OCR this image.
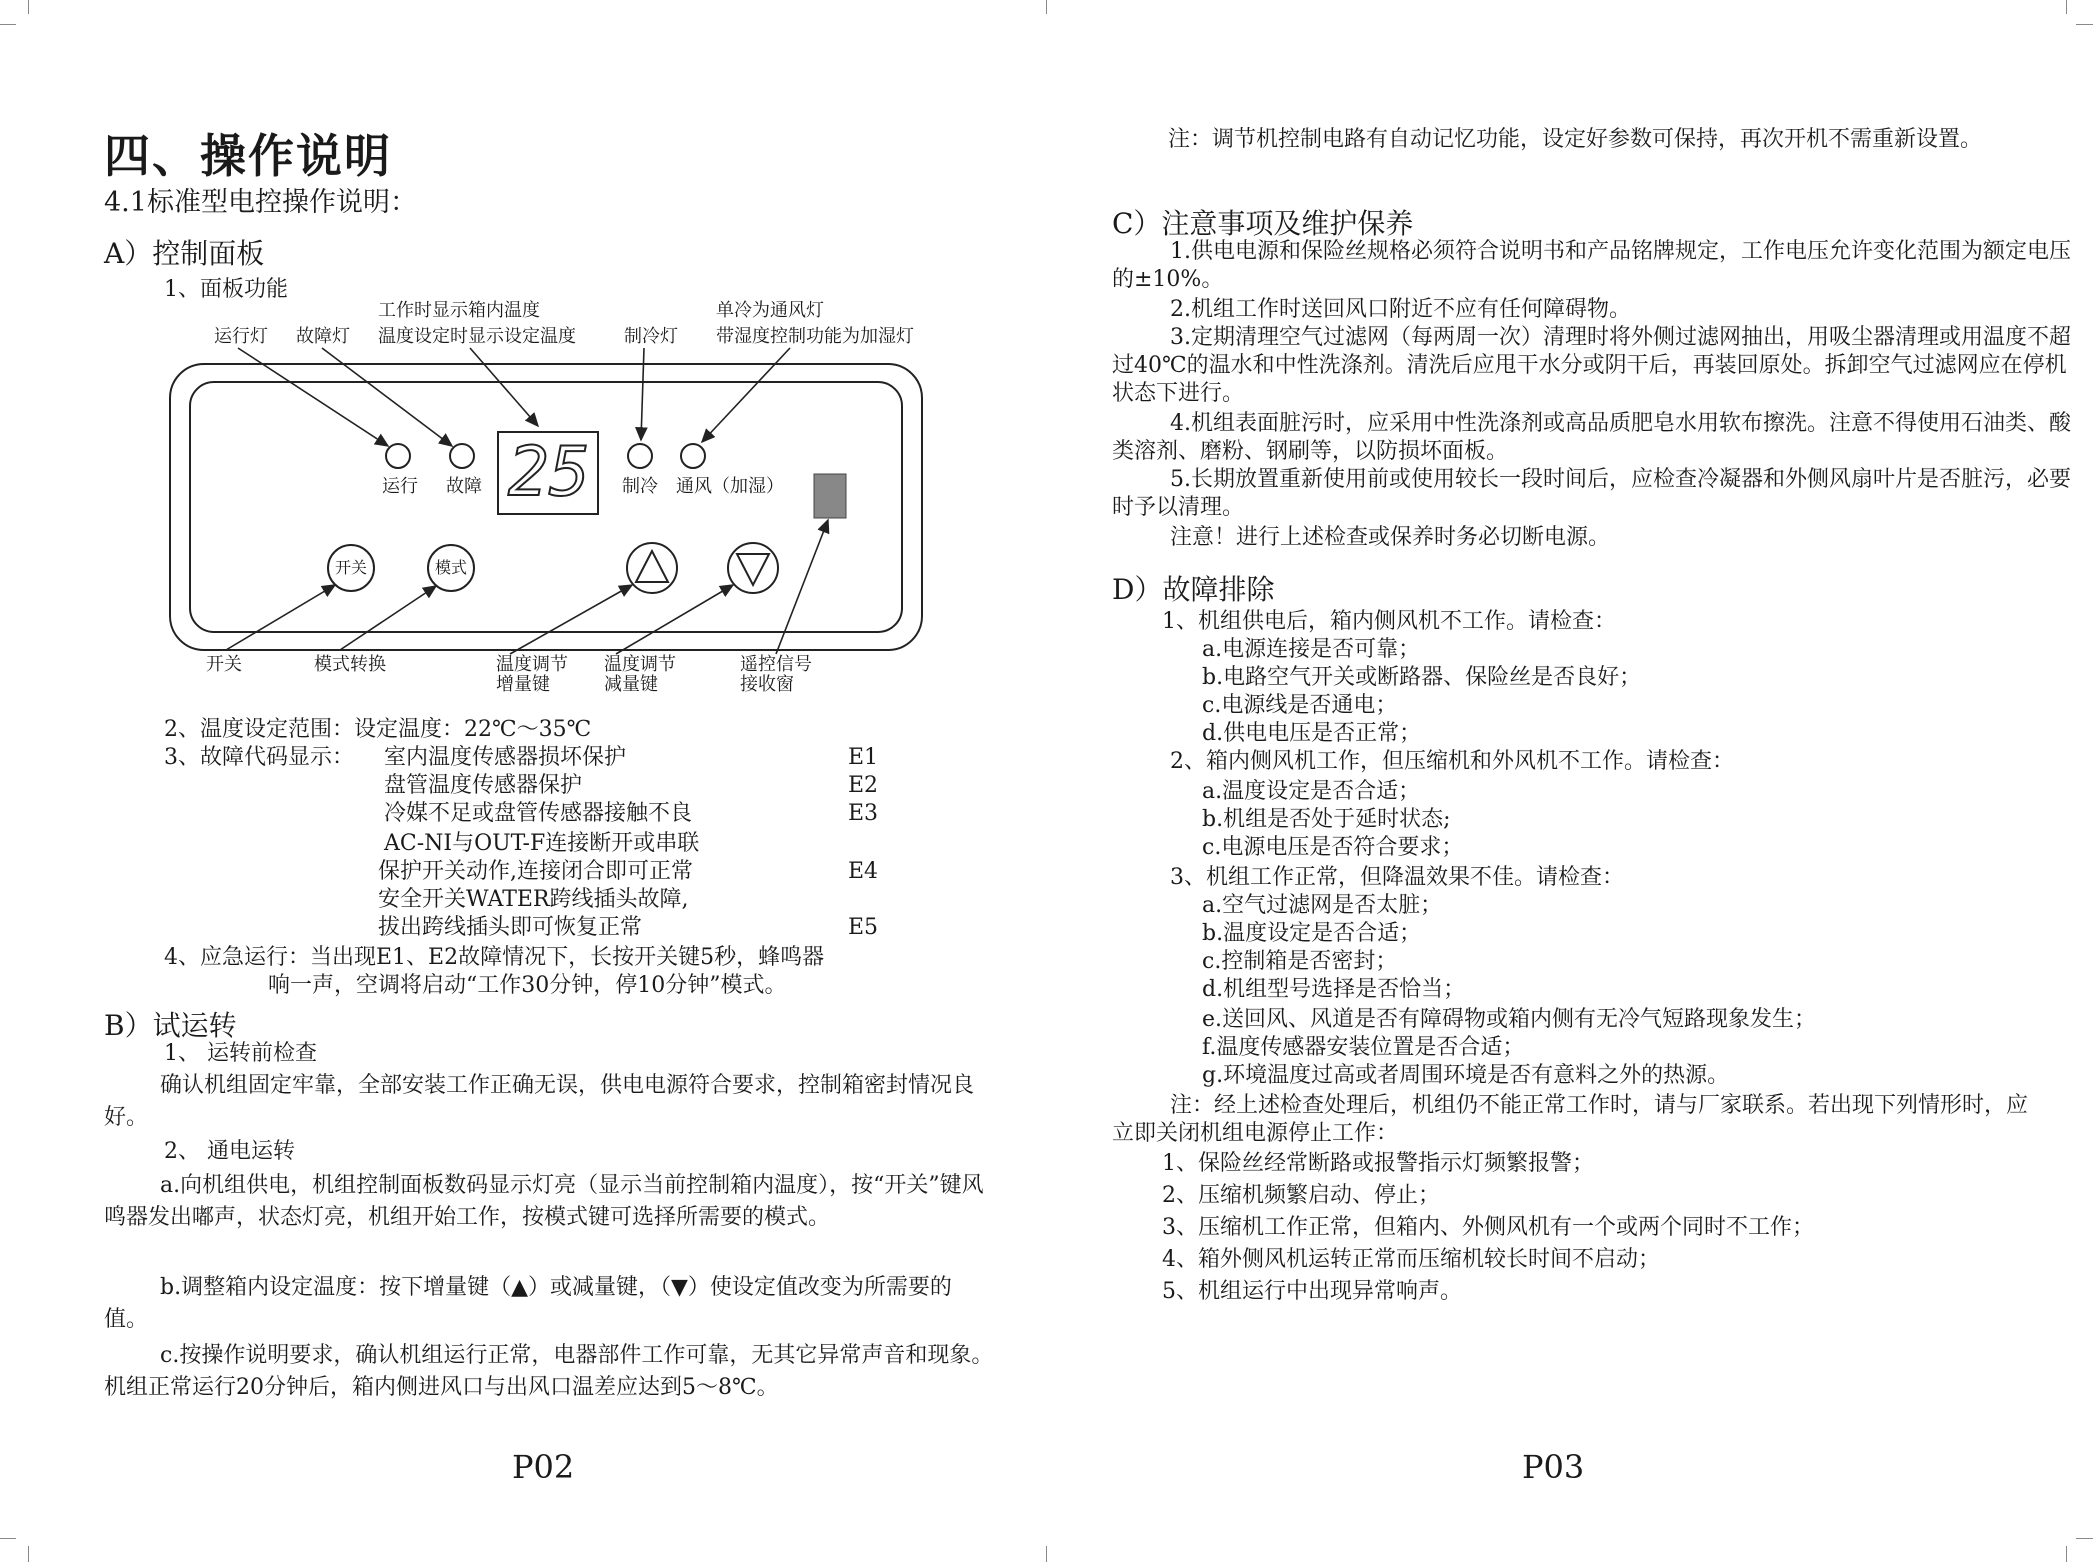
四、操作说明
4.1标准型电控操作说明：
A）控制面板
1、面板功能
运行灯 故障灯
工作时显示箱内温度
温度设定时显示设定温度	制冷灯
单冷为通风灯
带湿度控制功能为加湿灯
运行 故障 25 制冷 通风（加湿）
开关	模式
开关	模式转换	温度调节
增量键
温度调节
减量键
遥控信号
接收窗
2、温度设定范围：设定温度：22℃～35℃
3、故障代码显示： 室内温度传感器损坏保护	E1
盘管温度传感器保护	E2
冷媒不足或盘管传感器接触不良	E3
AC-NI与OUT-F连接断开或串联
保护开关动作,连接闭合即可正常	E4
安全开关WATER跨线插头故障,
拔出跨线插头即可恢复正常	E5
4、应急运行：当出现E1、E2故障情况下，长按开关键5秒，蜂鸣器
响一声，空调将启动“工作30分钟，停10分钟”模式。
B）试运转
1、 运转前检查
确认机组固定牢靠，全部安装工作正确无误，供电电源符合要求，控制箱密封情况良好。
2、 通电运转
a.向机组供电，机组控制面板数码显示灯亮（显示当前控制箱内温度），按“开关”键风鸣器发出嘟声，状态灯亮，机组开始工作，按模式键可选择所需要的模式。
b.调整箱内设定温度：按下增量键（▲）或减量键，（▼）使设定值改变为所需要的值。
c.按操作说明要求，确认机组运行正常，电器部件工作可靠，无其它异常声音和现象。机组正常运行20分钟后，箱内侧进风口与出风口温差应达到5～8℃。
P02
注：调节机控制电路有自动记忆功能，设定好参数可保持，再次开机不需重新设置。
C）注意事项及维护保养
1.供电电源和保险丝规格必须符合说明书和产品铭牌规定，工作电压允许变化范围为额定电压的±10%。
2.机组工作时送回风口附近不应有任何障碍物。
3.定期清理空气过滤网（每两周一次）清理时将外侧过滤网抽出，用吸尘器清理或用温度不超过40℃的温水和中性洗涤剂。清洗后应甩干水分或阴干后，再装回原处。拆卸空气过滤网应在停机状态下进行。
4.机组表面脏污时，应采用中性洗涤剂或高品质肥皂水用软布擦洗。注意不得使用石油类、酸类溶剂、磨粉、钢刷等，以防损坏面板。
5.长期放置重新使用前或使用较长一段时间后，应检查冷凝器和外侧风扇叶片是否脏污，必要时予以清理。
注意！进行上述检查或保养时务必切断电源。
D）故障排除
1、机组供电后，箱内侧风机不工作。请检查：
a.电源连接是否可靠；
b.电路空气开关或断路器、保险丝是否良好；
c.电源线是否通电；
d.供电电压是否正常；
2、箱内侧风机工作，但压缩机和外风机不工作。请检查：
a.温度设定是否合适；
b.机组是否处于延时状态;
c.电源电压是否符合要求；
3、机组工作正常，但降温效果不佳。请检查：
a.空气过滤网是否太脏；
b.温度设定是否合适；
c.控制箱是否密封；
d.机组型号选择是否恰当；
e.送回风、风道是否有障碍物或箱内侧有无冷气短路现象发生；
f.温度传感器安装位置是否合适；
g.环境温度过高或者周围环境是否有意料之外的热源。
注：经上述检查处理后，机组仍不能正常工作时，请与厂家联系。若出现下列情形时，应立即关闭机组电源停止工作：
1、保险丝经常断路或报警指示灯频繁报警；
2、压缩机频繁启动、停止；
3、压缩机工作正常，但箱内、外侧风机有一个或两个同时不工作；
4、箱外侧风机运转正常而压缩机较长时间不启动；
5、机组运行中出现异常响声。
P03
